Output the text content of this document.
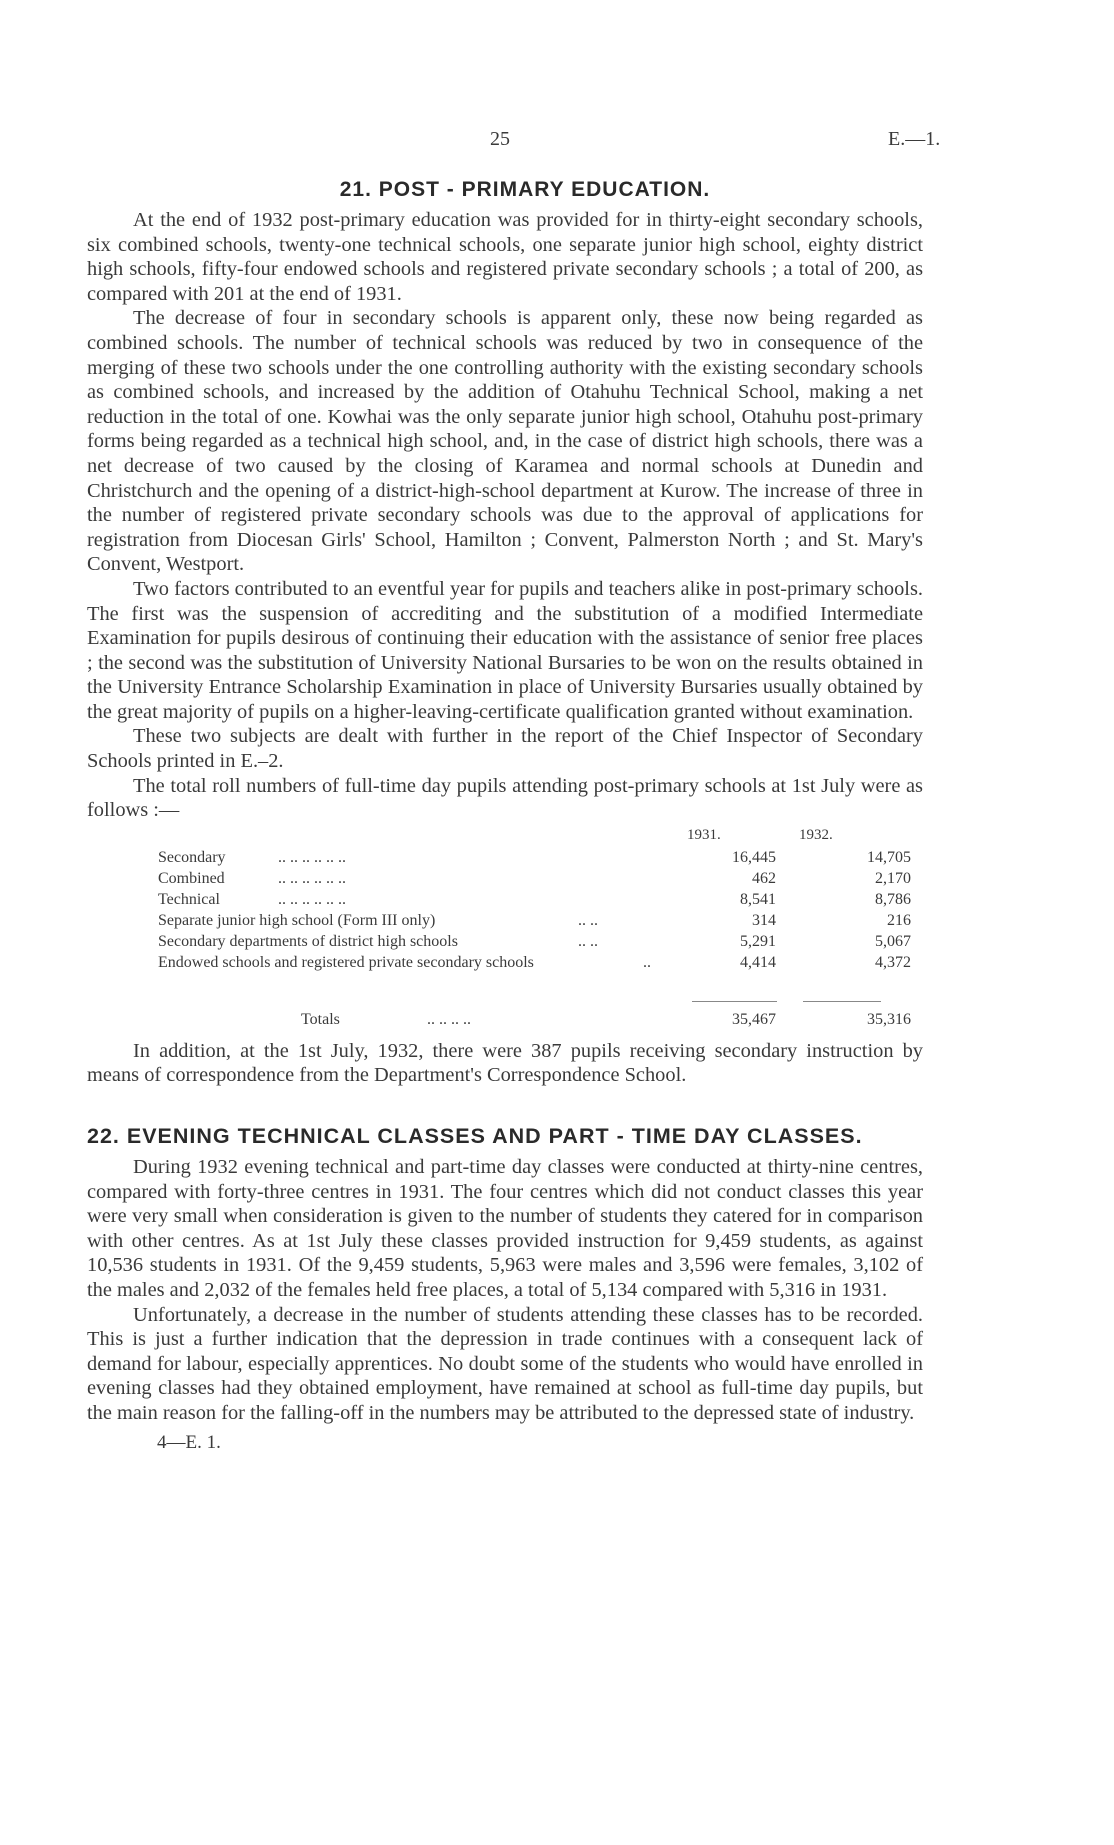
25	E.—1.
21. POST - PRIMARY EDUCATION.

At the end of 1932 post-primary education was provided for in thirty-eight secondary schools, six combined schools, twenty-one technical schools, one separate junior high school, eighty district high schools, fifty-four endowed schools and registered private secondary schools ; a total of 200, as compared with 201 at the end of 1931.

The decrease of four in secondary schools is apparent only, these now being regarded as combined schools. The number of technical schools was reduced by two in consequence of the merging of these two schools under the one controlling authority with the existing secondary schools as combined schools, and increased by the addition of Otahuhu Technical School, making a net reduction in the total of one. Kowhai was the only separate junior high school, Otahuhu post-primary forms being regarded as a technical high school, and, in the case of district high schools, there was a net decrease of two caused by the closing of Karamea and normal schools at Dunedin and Christchurch and the opening of a district-high-school department at Kurow. The increase of three in the number of registered private secondary schools was due to the approval of applications for registration from Diocesan Girls' School, Hamilton ; Convent, Palmerston North ; and St. Mary's Convent, Westport.

Two factors contributed to an eventful year for pupils and teachers alike in post-primary schools. The first was the suspension of accrediting and the substitution of a modified Intermediate Examination for pupils desirous of continuing their education with the assistance of senior free places ; the second was the substitution of University National Bursaries to be won on the results obtained in the University Entrance Scholarship Examination in place of University Bursaries usually obtained by the great majority of pupils on a higher-leaving-certificate qualification granted without examination.

These two subjects are dealt with further in the report of the Chief Inspector of Secondary Schools printed in E.–2.

The total roll numbers of full-time day pupils attending post-primary schools at 1st July were as follows :—

1931.	1932.
Secondary	.. .. .. .. .. ..	16,445	14,705
Combined	.. .. .. .. .. ..	462	2,170
Technical	.. .. .. .. .. ..	8,541	8,786
Separate junior high school (Form III only)	.. ..	314	216
Secondary departments of district high schools	.. ..	5,291	5,067
Endowed schools and registered private secondary schools	..	4,414	4,372
Totals	.. .. .. ..	35,467	35,316

In addition, at the 1st July, 1932, there were 387 pupils receiving secondary instruction by means of correspondence from the Department's Correspondence School.

22. EVENING TECHNICAL CLASSES AND PART - TIME DAY CLASSES.

During 1932 evening technical and part-time day classes were conducted at thirty-nine centres, compared with forty-three centres in 1931. The four centres which did not conduct classes this year were very small when consideration is given to the number of students they catered for in comparison with other centres. As at 1st July these classes provided instruction for 9,459 students, as against 10,536 students in 1931. Of the 9,459 students, 5,963 were males and 3,596 were females, 3,102 of the males and 2,032 of the females held free places, a total of 5,134 compared with 5,316 in 1931.

Unfortunately, a decrease in the number of students attending these classes has to be recorded. This is just a further indication that the depression in trade continues with a consequent lack of demand for labour, especially apprentices. No doubt some of the students who would have enrolled in evening classes had they obtained employment, have remained at school as full-time day pupils, but the main reason for the falling-off in the numbers may be attributed to the depressed state of industry.

4—E. 1.
